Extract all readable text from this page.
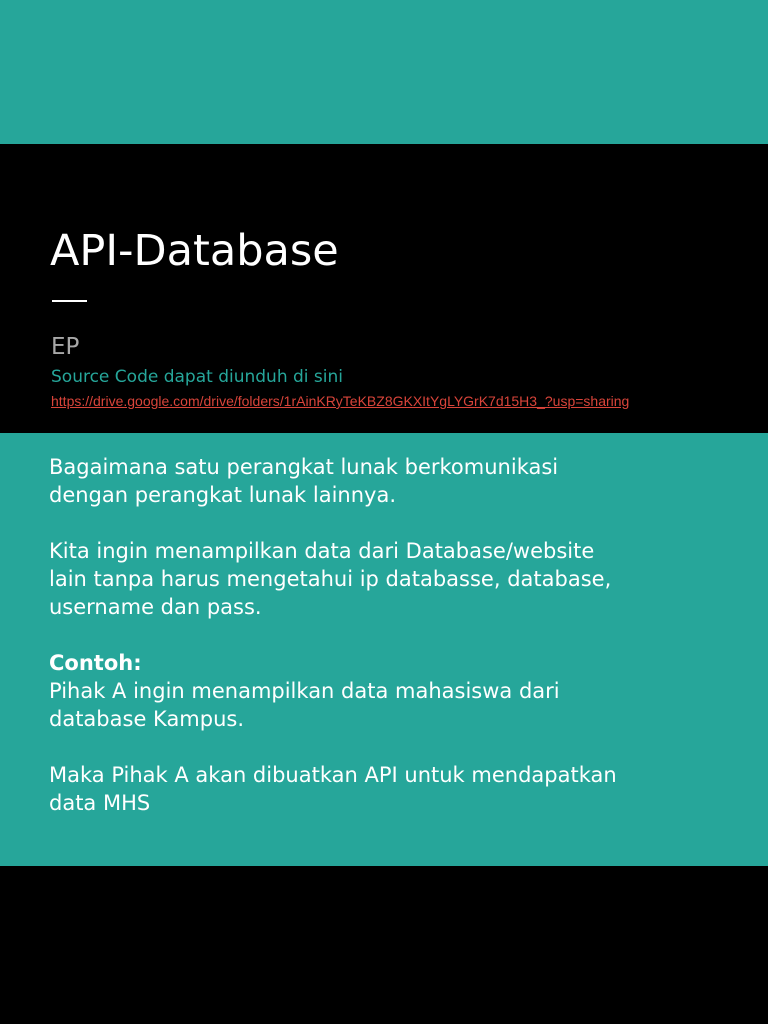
API-Database
EP
Source Code dapat diunduh di sini
https://drive.google.com/drive/folders/1rAinKRyTeKBZ8GKXItYgLYGrK7d15H3_?usp=sharing

Bagaimana satu perangkat lunak berkomunikasi

dengan perangkat lunak lainnya.

Kita ingin menampilkan data dari Database/website

lain tanpa harus mengetahui ip databasse, database,

username dan pass.

Contoh:

Pihak A ingin menampilkan data mahasiswa dari

database Kampus.

Maka Pihak A akan dibuatkan API untuk mendapatkan

data MHS
